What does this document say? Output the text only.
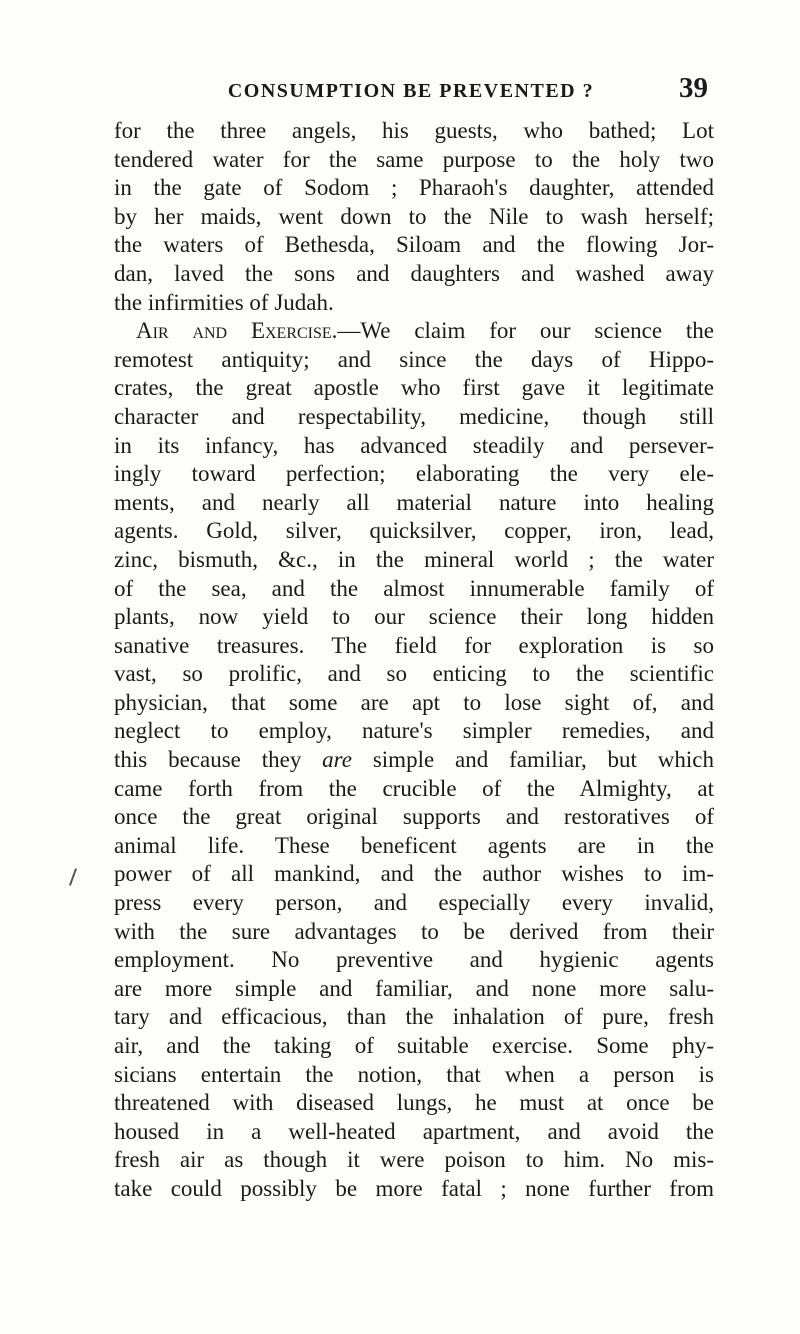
CONSUMPTION BE PREVENTED ?	39
for the three angels, his guests, who bathed; Lot
tendered water for the same purpose to the holy two
in the gate of Sodom ; Pharaoh's daughter, attended
by her maids, went down to the Nile to wash herself;
the waters of Bethesda, Siloam and the flowing Jor-
dan, laved the sons and daughters and washed away
the infirmities of Judah.
Air and Exercise.—We claim for our science the
remotest antiquity; and since the days of Hippo-
crates, the great apostle who first gave it legitimate
character and respectability, medicine, though still
in its infancy, has advanced steadily and persever-
ingly toward perfection; elaborating the very ele-
ments, and nearly all material nature into healing
agents. Gold, silver, quicksilver, copper, iron, lead,
zinc, bismuth, &c., in the mineral world ; the water
of the sea, and the almost innumerable family of
plants, now yield to our science their long hidden
sanative treasures. The field for exploration is so
vast, so prolific, and so enticing to the scientific
physician, that some are apt to lose sight of, and
neglect to employ, nature's simpler remedies, and
this because they are simple and familiar, but which
came forth from the crucible of the Almighty, at
once the great original supports and restoratives of
animal life. These beneficent agents are in the
power of all mankind, and the author wishes to im-
press every person, and especially every invalid,
with the sure advantages to be derived from their
employment. No preventive and hygienic agents
are more simple and familiar, and none more salu-
tary and efficacious, than the inhalation of pure, fresh
air, and the taking of suitable exercise. Some phy-
sicians entertain the notion, that when a person is
threatened with diseased lungs, he must at once be
housed in a well-heated apartment, and avoid the
fresh air as though it were poison to him. No mis-
take could possibly be more fatal ; none further from
